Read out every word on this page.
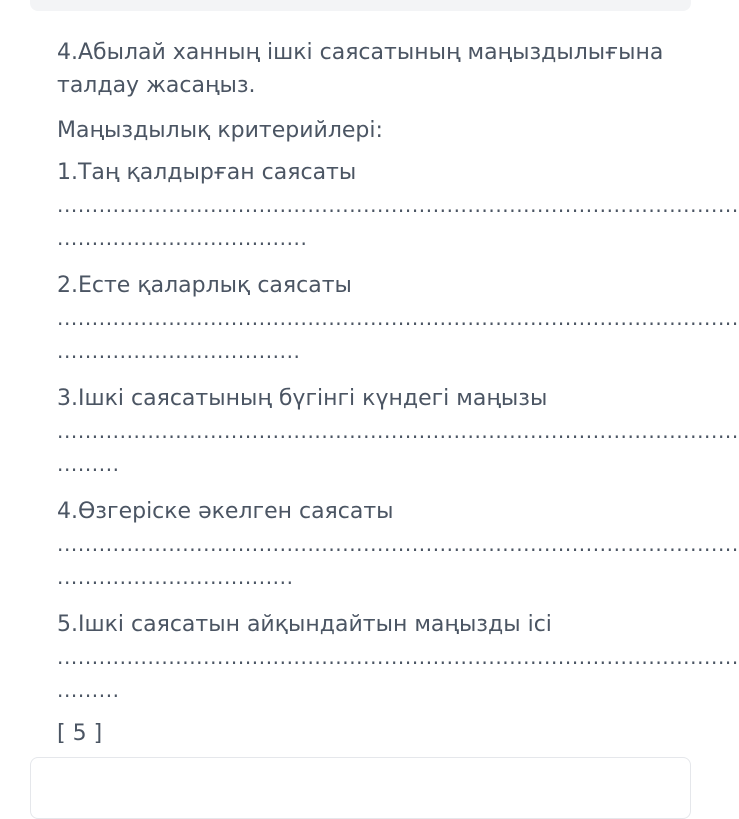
4.Абылай ханның ішкі саясатының маңыздылығына
талдау жасаңыз.
Маңыздылық критерийлері:
1.Таң қалдырған саясаты
..................................................................................................
....................................
2.Есте қаларлық саясаты
..................................................................................................
...................................
3.Ішкі саясатының бүгінгі күндегі маңызы
..................................................................................................
.........
4.Өзгеріске әкелген саясаты
..................................................................................................
..................................
5.Ішкі саясатын айқындайтын маңызды ісі
..................................................................................................
.........
[ 5 ]
